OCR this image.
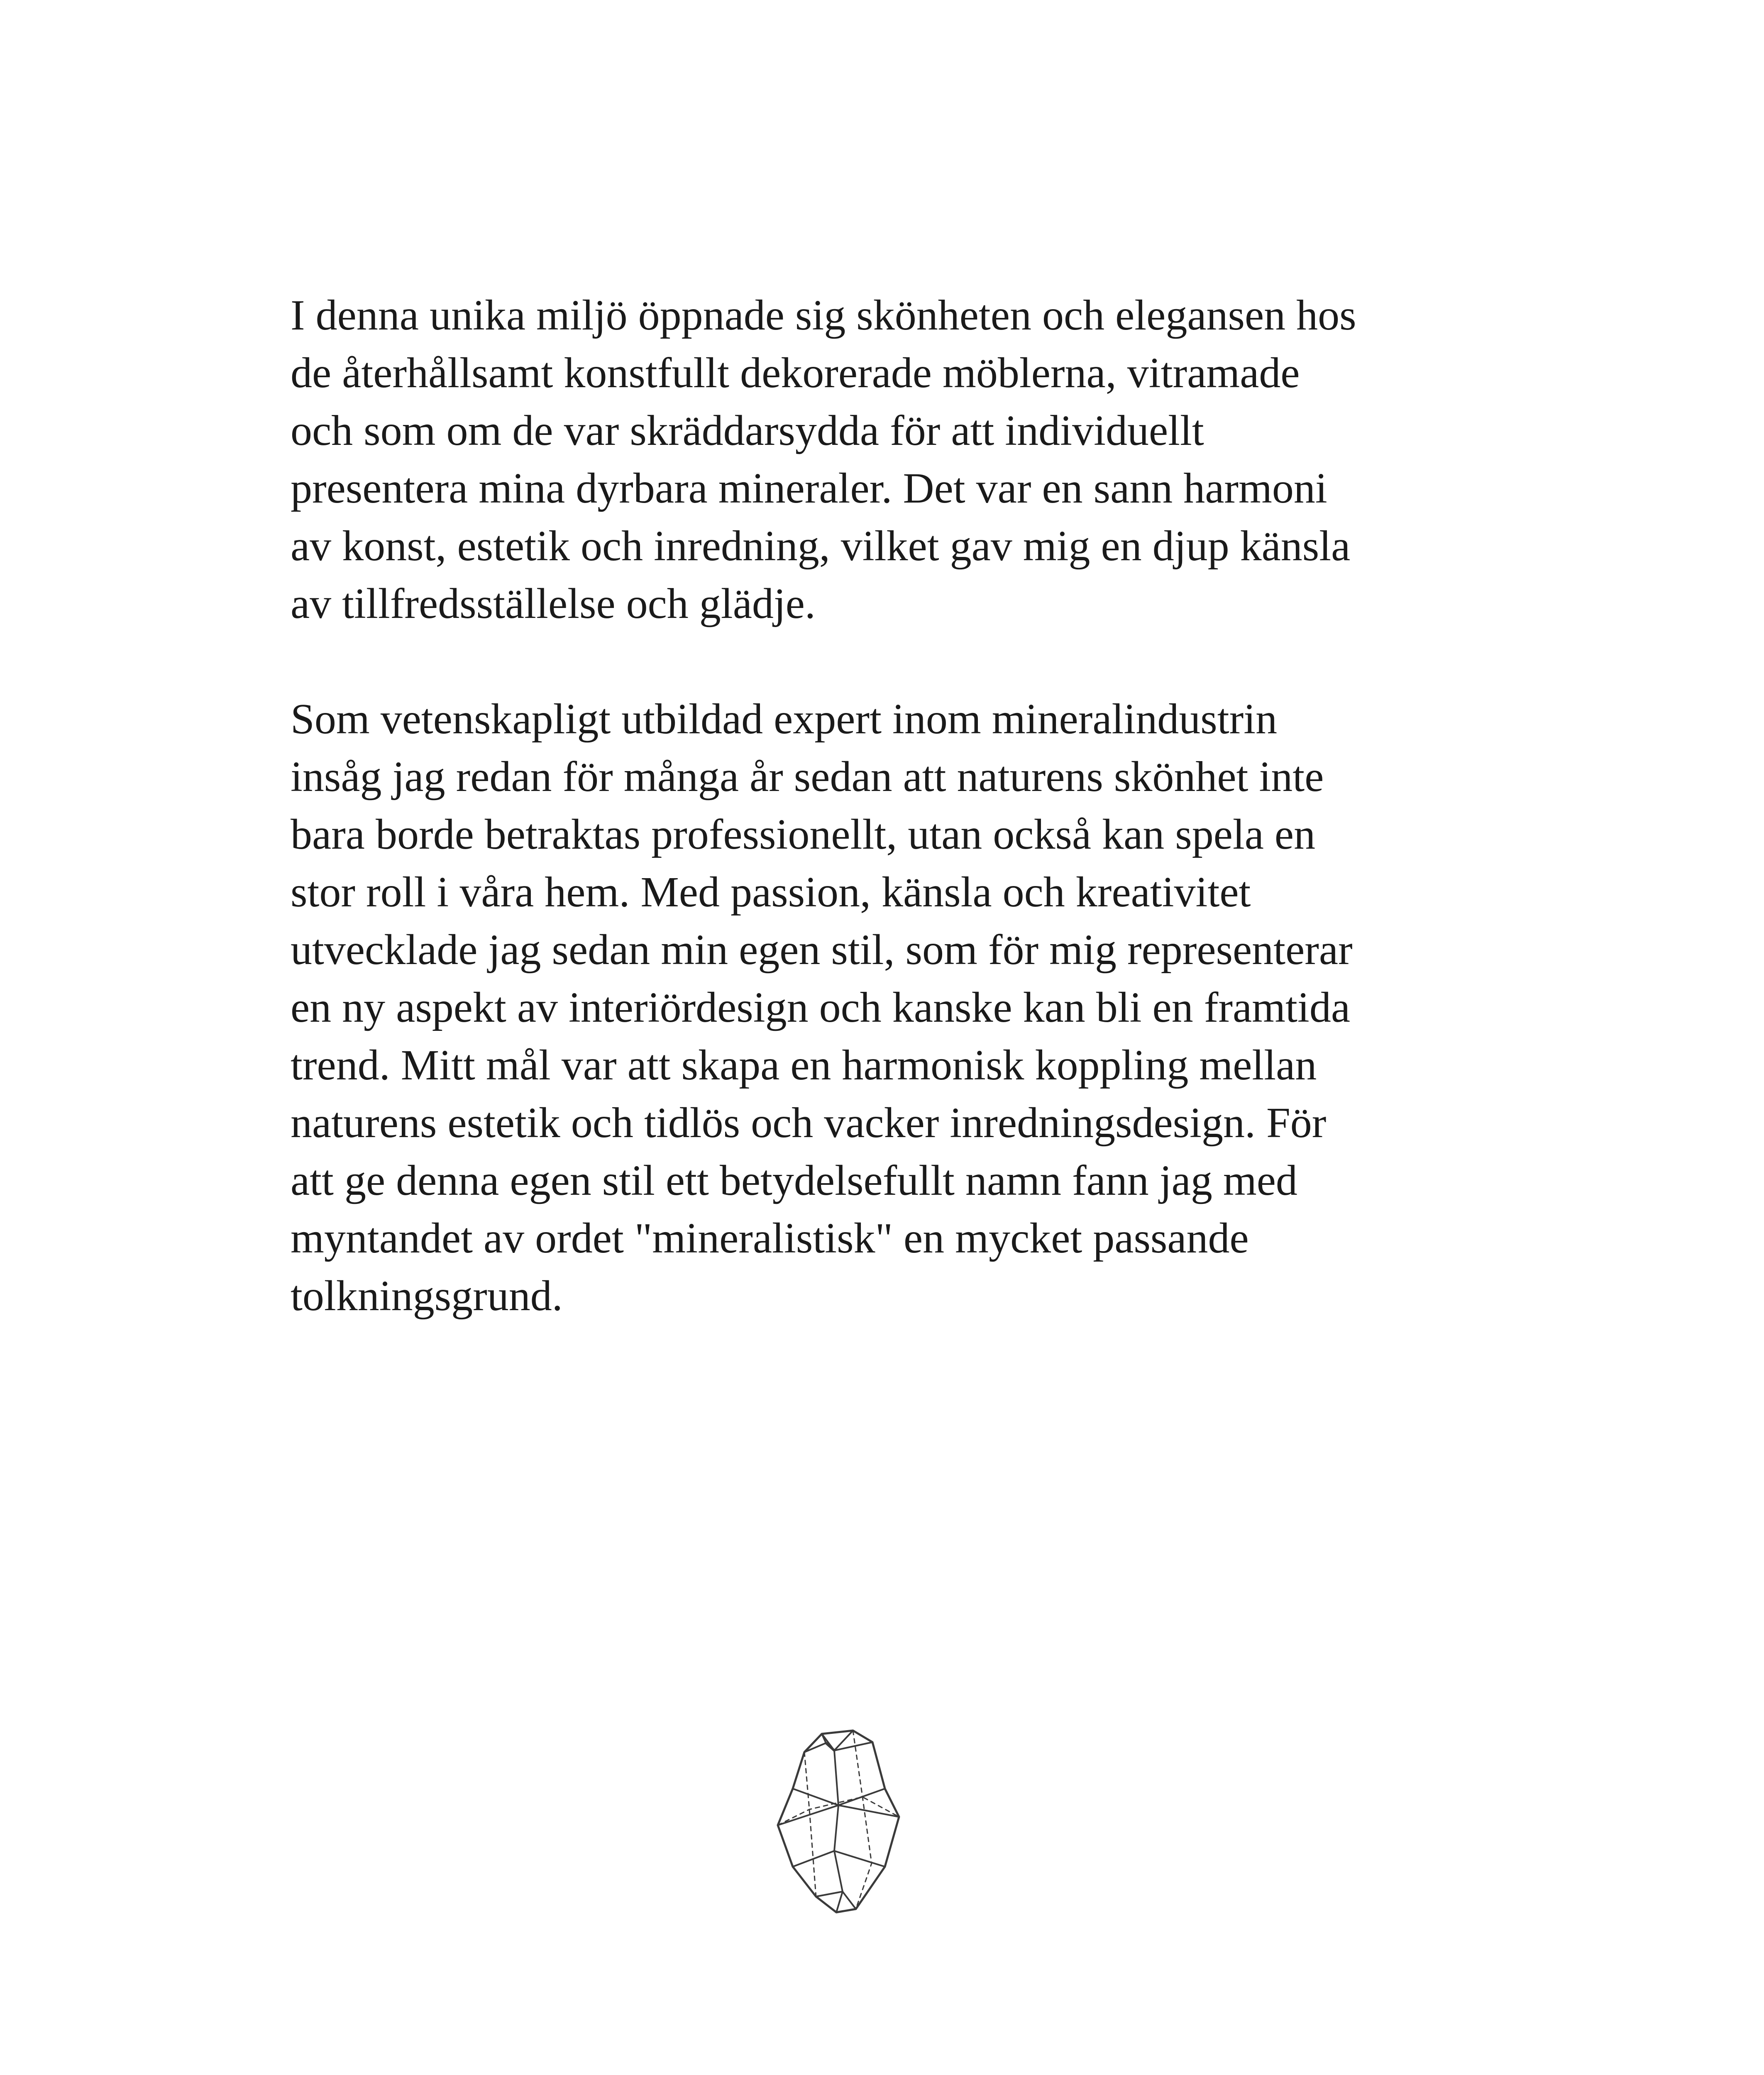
I denna unika miljö öppnade sig skönheten och elegansen hos
de återhållsamt konstfullt dekorerade möblerna, vitramade
och som om de var skräddarsydda för att individuellt
presentera mina dyrbara mineraler. Det var en sann harmoni
av konst, estetik och inredning, vilket gav mig en djup känsla
av tillfredsställelse och glädje.

Som vetenskapligt utbildad expert inom mineralindustrin
insåg jag redan för många år sedan att naturens skönhet inte
bara borde betraktas professionellt, utan också kan spela en
stor roll i våra hem. Med passion, känsla och kreativitet
utvecklade jag sedan min egen stil, som för mig representerar
en ny aspekt av interiördesign och kanske kan bli en framtida
trend. Mitt mål var att skapa en harmonisk koppling mellan
naturens estetik och tidlös och vacker inredningsdesign. För
att ge denna egen stil ett betydelsefullt namn fann jag med
myntandet av ordet "mineralistisk" en mycket passande
tolkningsgrund.
